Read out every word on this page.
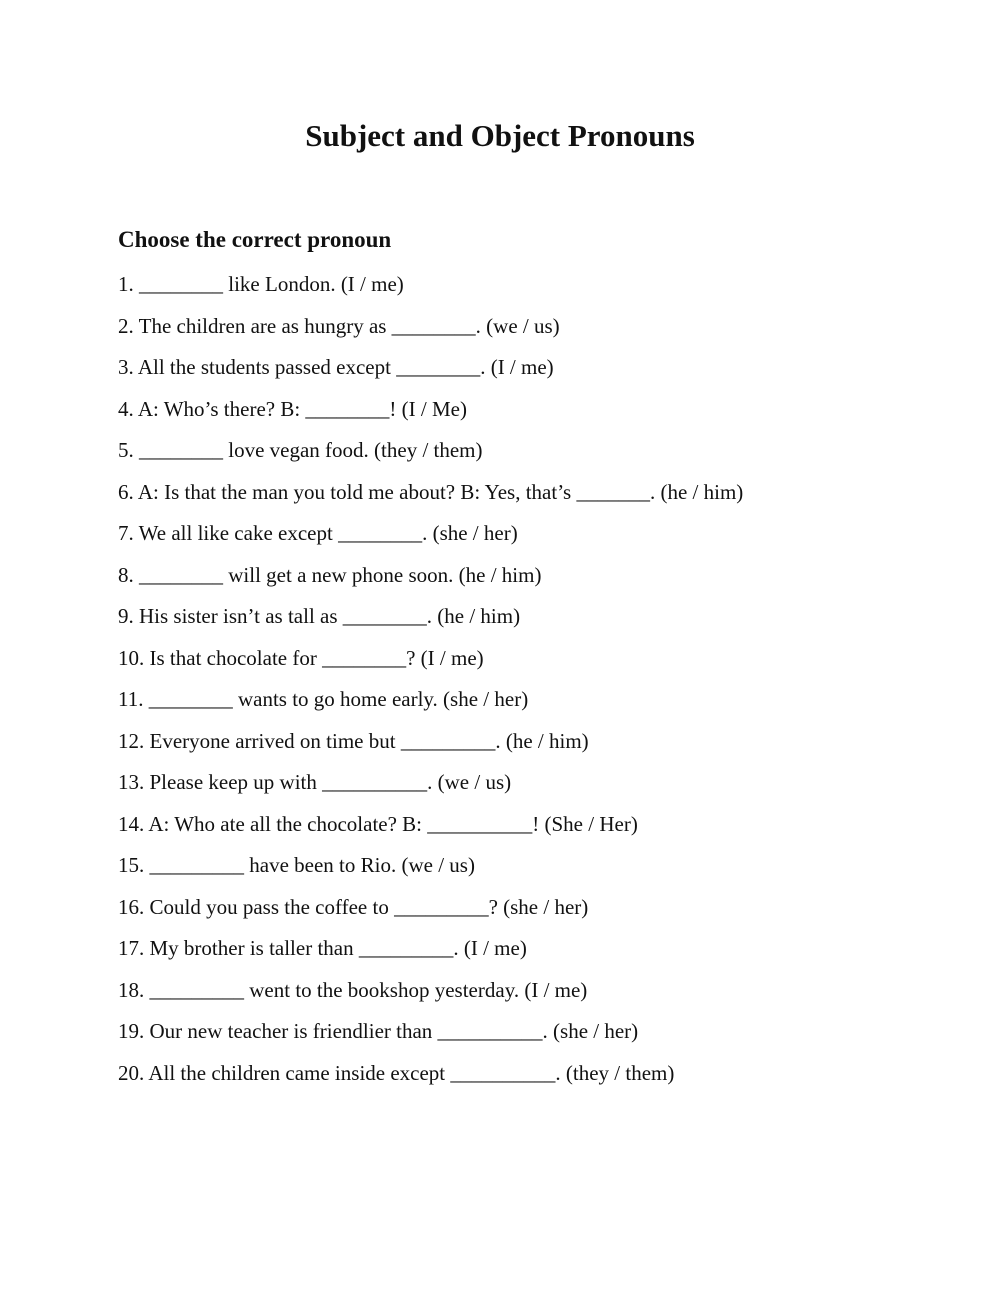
Subject and Object Pronouns
Choose the correct pronoun
1. ________ like London. (I / me)
2. The children are as hungry as ________. (we / us)
3. All the students passed except ________. (I / me)
4. A: Who’s there? B: ________! (I / Me)
5. ________ love vegan food. (they / them)
6. A: Is that the man you told me about? B: Yes, that’s _______. (he / him)
7. We all like cake except ________. (she / her)
8. ________ will get a new phone soon. (he / him)
9. His sister isn’t as tall as ________. (he / him)
10. Is that chocolate for ________? (I / me)
11. ________ wants to go home early. (she / her)
12. Everyone arrived on time but _________. (he / him)
13. Please keep up with __________. (we / us)
14. A: Who ate all the chocolate? B: __________! (She / Her)
15. _________ have been to Rio. (we / us)
16. Could you pass the coffee to _________? (she / her)
17. My brother is taller than _________. (I / me)
18. _________ went to the bookshop yesterday. (I / me)
19. Our new teacher is friendlier than __________. (she / her)
20. All the children came inside except __________. (they / them)
